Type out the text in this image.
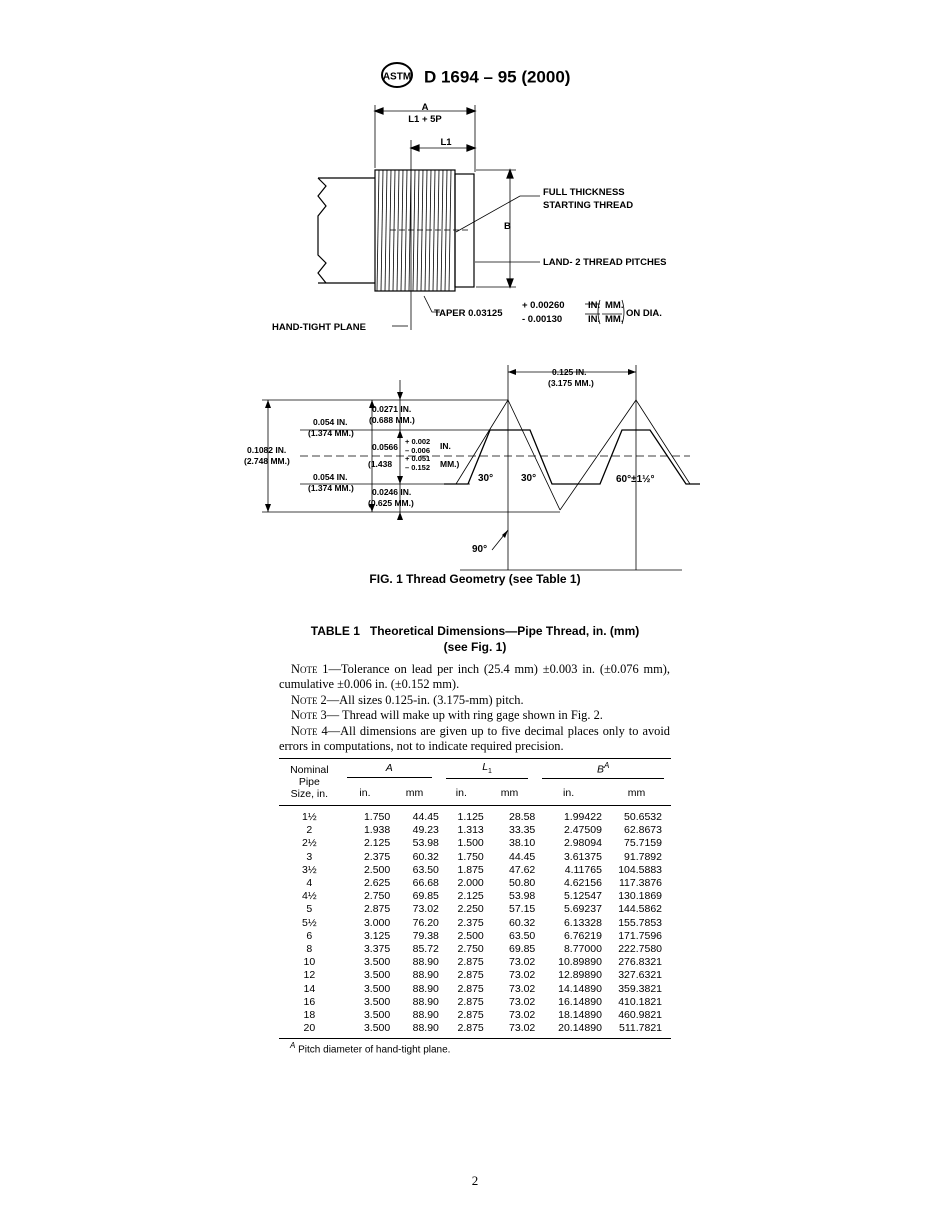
ASTM D 1694 – 95 (2000)
A
L1 + 5P
L1
FULL THICKNESS
STARTING THREAD
B
LAND- 2 THREAD PITCHES
TAPER 0.03125
+ 0.00260
- 0.00130
IN.
IN.
MM.
MM.
ON DIA.
HAND-TIGHT PLANE
0.125 IN.
(3.175 MM.)
0.0271 IN.
(0.688 MM.)
0.054 IN.
(1.374 MM.)
0.1082 IN.
(2.748 MM.)
0.0566
+ 0.002
– 0.006 IN.
(1.438
+ 0.051
– 0.152 MM.)
0.054 IN.
(1.374 MM.) 0.0246 IN.
(0.625 MM.)
30°	30°	60°±1½°
90°
FIG. 1 Thread Geometry (see Table 1)
TABLE 1   Theoretical Dimensions—Pipe Thread, in. (mm)
(see Fig. 1)

Note 1—Tolerance on lead per inch (25.4 mm) ±0.003 in. (±0.076 mm), cumulative ±0.006 in. (±0.152 mm).

Note 2—All sizes 0.125-in. (3.175-mm) pitch.

Note 3— Thread will make up with ring gage shown in Fig. 2.

Note 4—All dimensions are given up to five decimal places only to avoid errors in computations, not to indicate required precision.

Nominal
Pipe
Size, in.	A		$L_1$		$B^A$

	in.	mm	in.	mm	in.	mm
1½	1.750	44.45	1.125	28.58	1.99422	50.6532
2	1.938	49.23	1.313	33.35	2.47509	62.8673
2½	2.125	53.98	1.500	38.10	2.98094	75.7159
3	2.375	60.32	1.750	44.45	3.61375	91.7892
3½	2.500	63.50	1.875	47.62	4.11765	104.5883
4	2.625	66.68	2.000	50.80	4.62156	117.3876
4½	2.750	69.85	2.125	53.98	5.12547	130.1869
5	2.875	73.02	2.250	57.15	5.69237	144.5862
5½	3.000	76.20	2.375	60.32	6.13328	155.7853
6	3.125	79.38	2.500	63.50	6.76219	171.7596
8	3.375	85.72	2.750	69.85	8.77000	222.7580
10	3.500	88.90	2.875	73.02	10.89890	276.8321
12	3.500	88.90	2.875	73.02	12.89890	327.6321
14	3.500	88.90	2.875	73.02	14.14890	359.3821
16	3.500	88.90	2.875	73.02	16.14890	410.1821
18	3.500	88.90	2.875	73.02	18.14890	460.9821
20	3.500	88.90	2.875	73.02	20.14890	511.7821
$^A$ Pitch diameter of hand-tight plane.
2
